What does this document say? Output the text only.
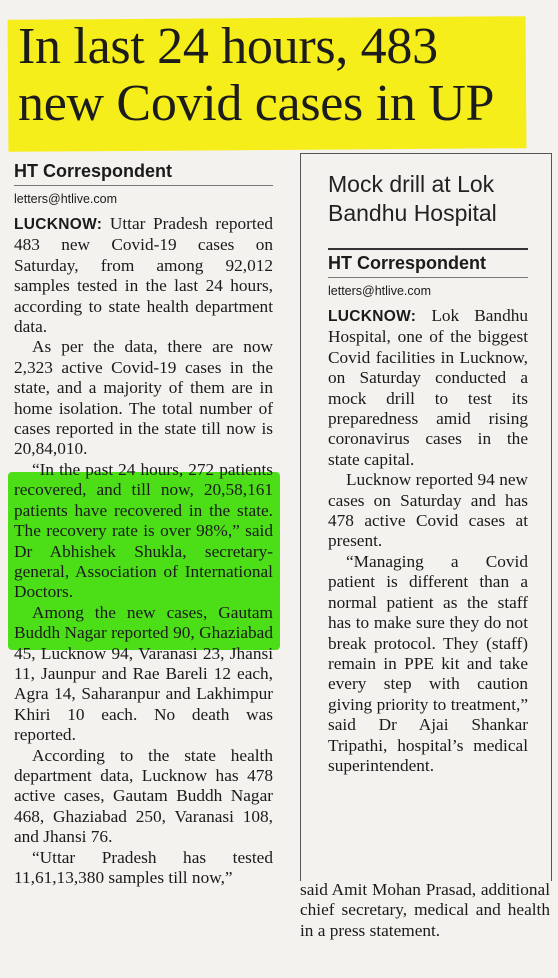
In last 24 hours, 483
new Covid cases in UP
HT Correspondent
letters@htlive.com

LUCKNOW: Uttar Pradesh reported 483 new Covid-19 cases on Saturday, from among 92,012 samples tested in the last 24 hours, according to state health department data.

As per the data, there are now 2,323 active Covid-19 cases in the state, and a majority of them are in home isolation. The total number of cases reported in the state till now is 20,84,010.

“In the past 24 hours, 272 patients recovered, and till now, 20,58,161 patients have recovered in the state. The recovery rate is over 98%,” said Dr Abhishek Shukla, secretary-general, Association of International Doctors.

Among the new cases, Gautam Buddh Nagar reported 90, Ghaziabad 45, Lucknow 94, Varanasi 23, Jhansi 11, Jaunpur and Rae Bareli 12 each, Agra 14, Saharanpur and Lakhimpur Khiri 10 each. No death was reported.

According to the state health department data, Lucknow has 478 active cases, Gautam Buddh Nagar 468, Ghaziabad 250, Varanasi 108, and Jhansi 76.

“Uttar Pradesh has tested 11,61,13,380 samples till now,”

Mock drill at Lok Bandhu Hospital
HT Correspondent
letters@htlive.com

LUCKNOW: Lok Bandhu Hospital, one of the biggest Covid facilities in Lucknow, on Saturday conducted a mock drill to test its preparedness amid rising coronavirus cases in the state capital.

Lucknow reported 94 new cases on Saturday and has 478 active Covid cases at present.

“Managing a Covid patient is different than a normal patient as the staff has to make sure they do not break protocol. They (staff) remain in PPE kit and take every step with caution giving priority to treatment,” said Dr Ajai Shankar Tripathi, hospital’s medical superintendent.

said Amit Mohan Prasad, additional chief secretary, medical and health in a press statement.
